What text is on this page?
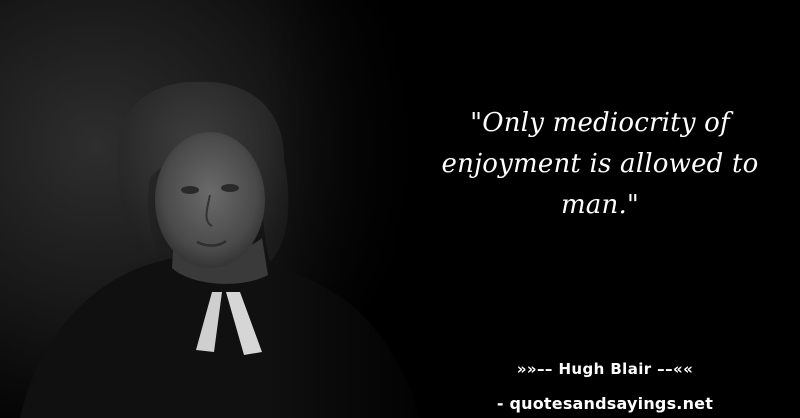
"Only mediocrity of
enjoyment is allowed to
man."

»»–– Hugh Blair ––««
- quotesandsayings.net
